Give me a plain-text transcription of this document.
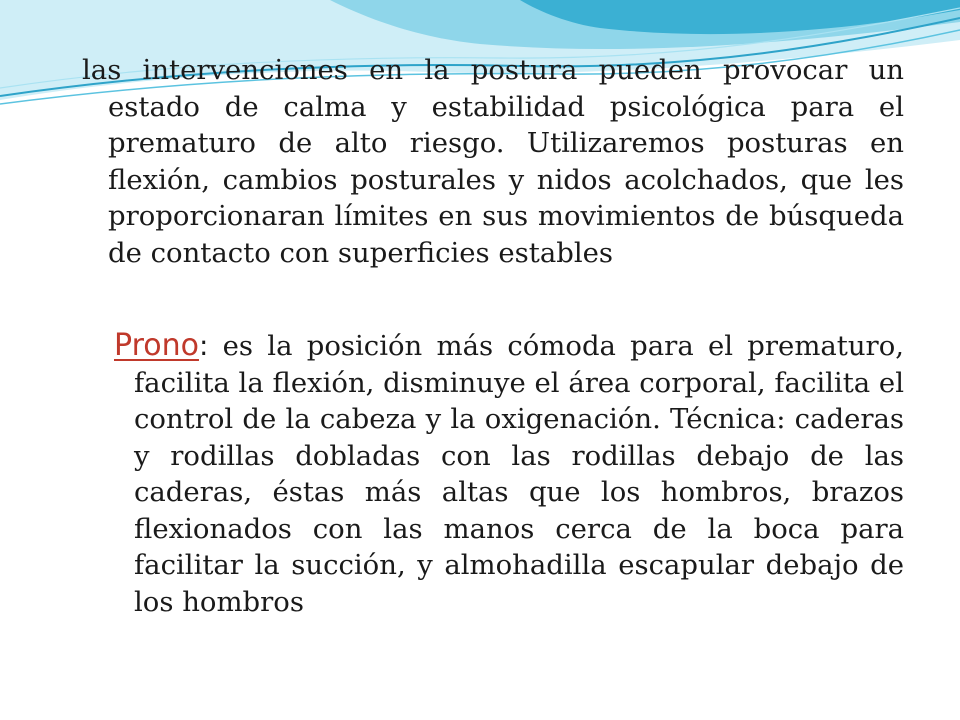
las intervenciones en la postura pueden provocar un estado de calma y estabilidad psicológica para el prematuro de alto riesgo. Utilizaremos posturas en flexión, cambios posturales y nidos acolchados, que les proporcionaran límites en sus movimientos de búsqueda de contacto con superficies estables

Prono: es la posición más cómoda para el prematuro, facilita la flexión, disminuye el área corporal, facilita el control de la cabeza y la oxigenación. Técnica: caderas y rodillas dobladas con las rodillas debajo de las caderas, éstas más altas que los hombros, brazos flexionados con las manos cerca de la boca para facilitar la succión, y almohadilla escapular debajo de los hombros
